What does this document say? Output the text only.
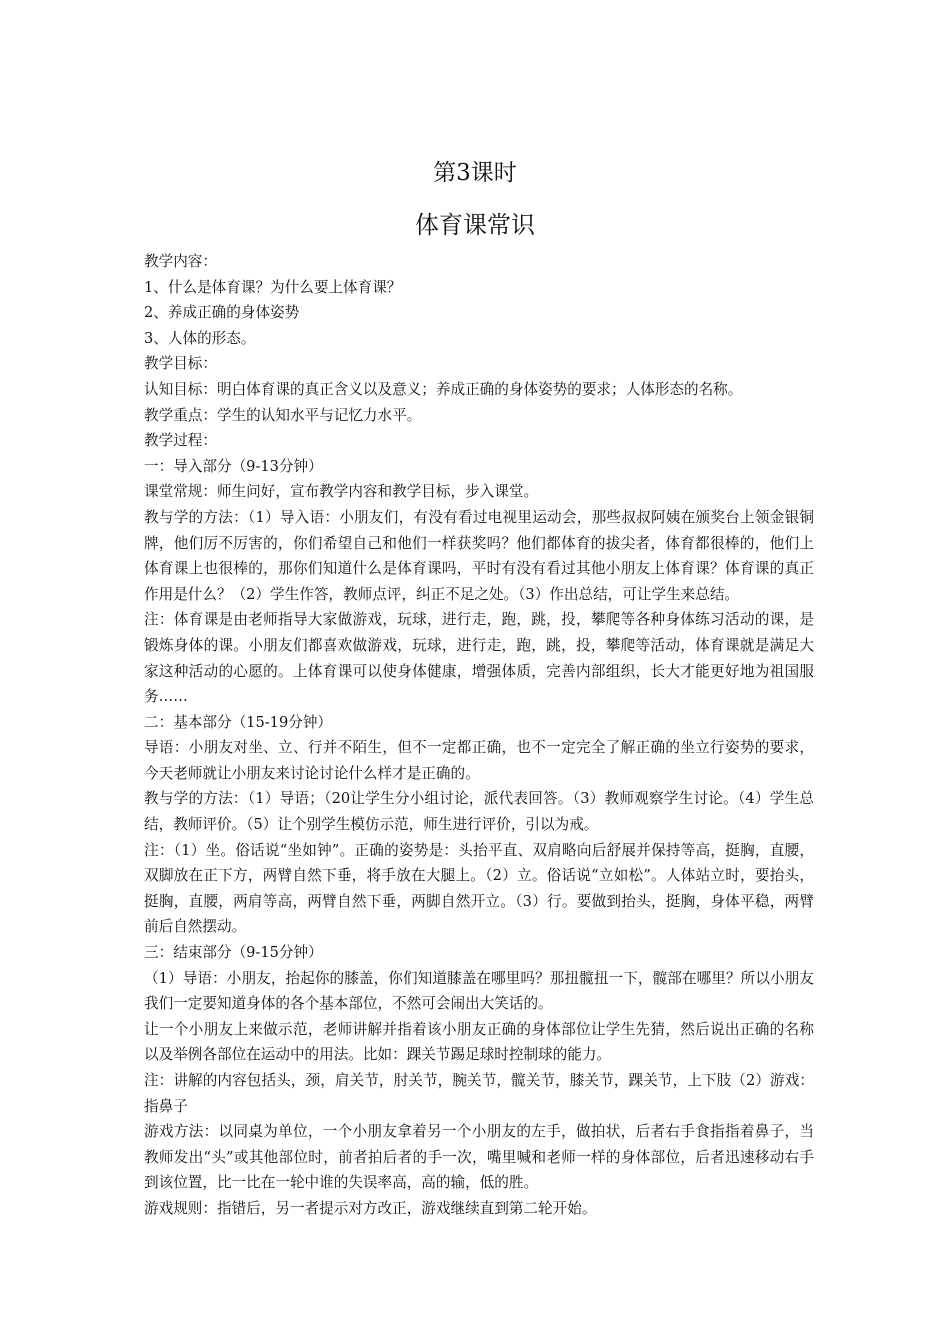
第3课时
体育课常识

教学内容：

1、什么是体育课？为什么要上体育课？

2、养成正确的身体姿势

3、人体的形态。

教学目标：

认知目标：明白体育课的真正含义以及意义；养成正确的身体姿势的要求；人体形态的名称。

教学重点：学生的认知水平与记忆力水平。

教学过程：

一：导入部分（9-13分钟）

课堂常规：师生问好，宣布教学内容和教学目标，步入课堂。

教与学的方法：（1）导入语：小朋友们，有没有看过电视里运动会，那些叔叔阿姨在颁奖台上领金银铜牌，他们厉不厉害的，你们希望自己和他们一样获奖吗？他们都体育的拔尖者，体育都很棒的，他们上体育课上也很棒的，那你们知道什么是体育课吗，平时有没有看过其他小朋友上体育课？体育课的真正作用是什么？（2）学生作答，教师点评，纠正不足之处。（3）作出总结，可让学生来总结。

注：体育课是由老师指导大家做游戏，玩球，进行走，跑，跳，投，攀爬等各种身体练习活动的课，是锻炼身体的课。小朋友们都喜欢做游戏，玩球，进行走，跑，跳，投，攀爬等活动，体育课就是满足大家这种活动的心愿的。上体育课可以使身体健康，增强体质，完善内部组织，长大才能更好地为祖国服务……

二：基本部分（15-19分钟）

导语：小朋友对坐、立、行并不陌生，但不一定都正确，也不一定完全了解正确的坐立行姿势的要求，今天老师就让小朋友来讨论讨论什么样才是正确的。

教与学的方法：（1）导语；（20让学生分小组讨论，派代表回答。（3）教师观察学生讨论。（4）学生总结，教师评价。（5）让个别学生模仿示范，师生进行评价，引以为戒。

注：（1）坐。俗话说“坐如钟”。正确的姿势是：头抬平直、双肩略向后舒展并保持等高，挺胸，直腰，双脚放在正下方，两臂自然下垂，将手放在大腿上。（2）立。俗话说“立如松”。人体站立时，要抬头，挺胸，直腰，两肩等高，两臂自然下垂，两脚自然开立。（3）行。要做到抬头，挺胸，身体平稳，两臂前后自然摆动。

三：结束部分（9-15分钟）

（1）导语：小朋友，抬起你的膝盖，你们知道膝盖在哪里吗？那扭髋扭一下，髋部在哪里？所以小朋友我们一定要知道身体的各个基本部位，不然可会闹出大笑话的。

让一个小朋友上来做示范，老师讲解并指着该小朋友正确的身体部位让学生先猜，然后说出正确的名称以及举例各部位在运动中的用法。比如：踝关节踢足球时控制球的能力。

注：讲解的内容包括头，颈，肩关节，肘关节，腕关节，髋关节，膝关节，踝关节，上下肢（2）游戏：指鼻子

游戏方法：以同桌为单位，一个小朋友拿着另一个小朋友的左手，做拍状，后者右手食指指着鼻子，当教师发出“头”或其他部位时，前者拍后者的手一次，嘴里喊和老师一样的身体部位，后者迅速移动右手到该位置，比一比在一轮中谁的失误率高，高的输，低的胜。

游戏规则：指错后，另一者提示对方改正，游戏继续直到第二轮开始。
